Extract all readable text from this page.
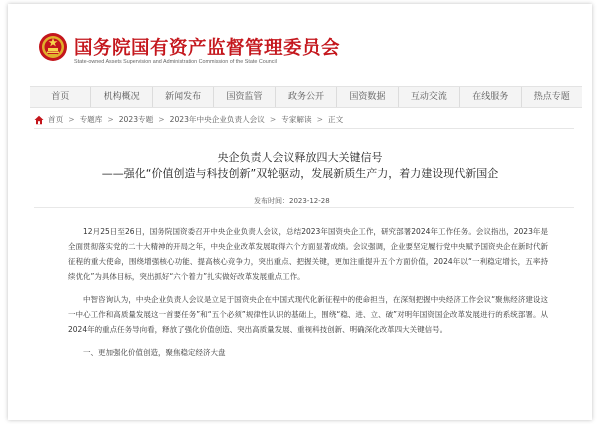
国务院国有资产监督管理委员会
State-owned Assets Supervision and Administration Commission of the State Council
首页	机构概况	新闻发布	国资监管	政务公开	国资数据	互动交流	在线服务	热点专题
首页 > 专题库 > 2023专题 > 2023年中央企业负责人会议 > 专家解读 > 正文
央企负责人会议释放四大关键信号
——强化“价值创造与科技创新”双轮驱动，发展新质生产力，着力建设现代新国企
发布时间：2023-12-28

12月25日至26日，国务院国资委召开中央企业负责人会议，总结2023年国资央企工作，研究部署2024年工作任务。会议指出，2023年是全面贯彻落实党的二十大精神的开局之年，中央企业改革发展取得六个方面显著成绩。会议强调，企业要坚定履行党中央赋予国资央企在新时代新征程的重大使命，围绕增强核心功能、提高核心竞争力，突出重点、把握关键，更加注重提升五个方面价值，2024年以“一利稳定增长，五率持续优化”为具体目标，突出抓好“六个着力”扎实做好改革发展重点工作。

中智咨询认为，中央企业负责人会议是立足于国资央企在中国式现代化新征程中的使命担当，在深刻把握中央经济工作会议“聚焦经济建设这一中心工作和高质量发展这一首要任务”和“五个必须”规律性认识的基础上，围绕“稳、进、立、破”对明年国资国企改革发展进行的系统部署。从2024年的重点任务导向看，释放了强化价值创造、突出高质量发展、重视科技创新、明确深化改革四大关键信号。

一、更加强化价值创造，聚焦稳定经济大盘
